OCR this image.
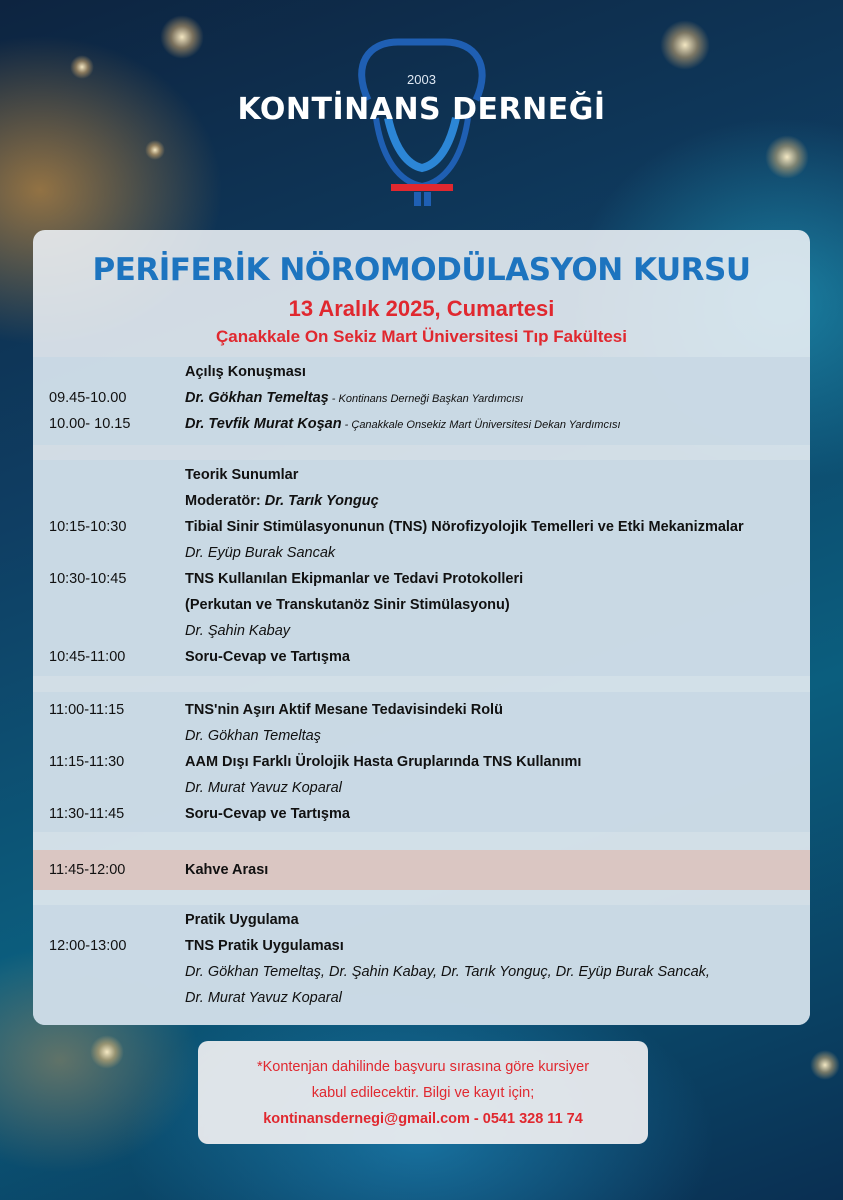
2003
KONTİNANS DERNEĞİ
PERİFERİK NÖROMODÜLASYON KURSU
13 Aralık 2025, Cumartesi
Çanakkale On Sekiz Mart Üniversitesi Tıp Fakültesi
Açılış Konuşması
09.45-10.00	Dr. Gökhan Temeltaş - Kontinans Derneği Başkan Yardımcısı
10.00- 10.15	Dr. Tevfik Murat Koşan - Çanakkale Onsekiz Mart Üniversitesi Dekan Yardımcısı
Teorik Sunumlar
Moderatör: Dr. Tarık Yonguç
10:15-10:30	Tibial Sinir Stimülasyonunun (TNS) Nörofizyolojik Temelleri ve Etki Mekanizmalar
Dr. Eyüp Burak Sancak
10:30-10:45	TNS Kullanılan Ekipmanlar ve Tedavi Protokolleri
(Perkutan ve Transkutanöz Sinir Stimülasyonu)
Dr. Şahin Kabay
10:45-11:00	Soru-Cevap ve Tartışma
11:00-11:15	TNS'nin Aşırı Aktif Mesane Tedavisindeki Rolü
Dr. Gökhan Temeltaş
11:15-11:30	AAM Dışı Farklı Ürolojik Hasta Gruplarında TNS Kullanımı
Dr. Murat Yavuz Koparal
11:30-11:45	Soru-Cevap ve Tartışma
11:45-12:00	Kahve Arası
Pratik Uygulama
12:00-13:00	TNS Pratik Uygulaması
Dr. Gökhan Temeltaş, Dr. Şahin Kabay, Dr. Tarık Yonguç, Dr. Eyüp Burak Sancak,
Dr. Murat Yavuz Koparal
*Kontenjan dahilinde başvuru sırasına göre kursiyer
kabul edilecektir. Bilgi ve kayıt için;
kontinansdernegi@gmail.com - 0541 328 11 74
